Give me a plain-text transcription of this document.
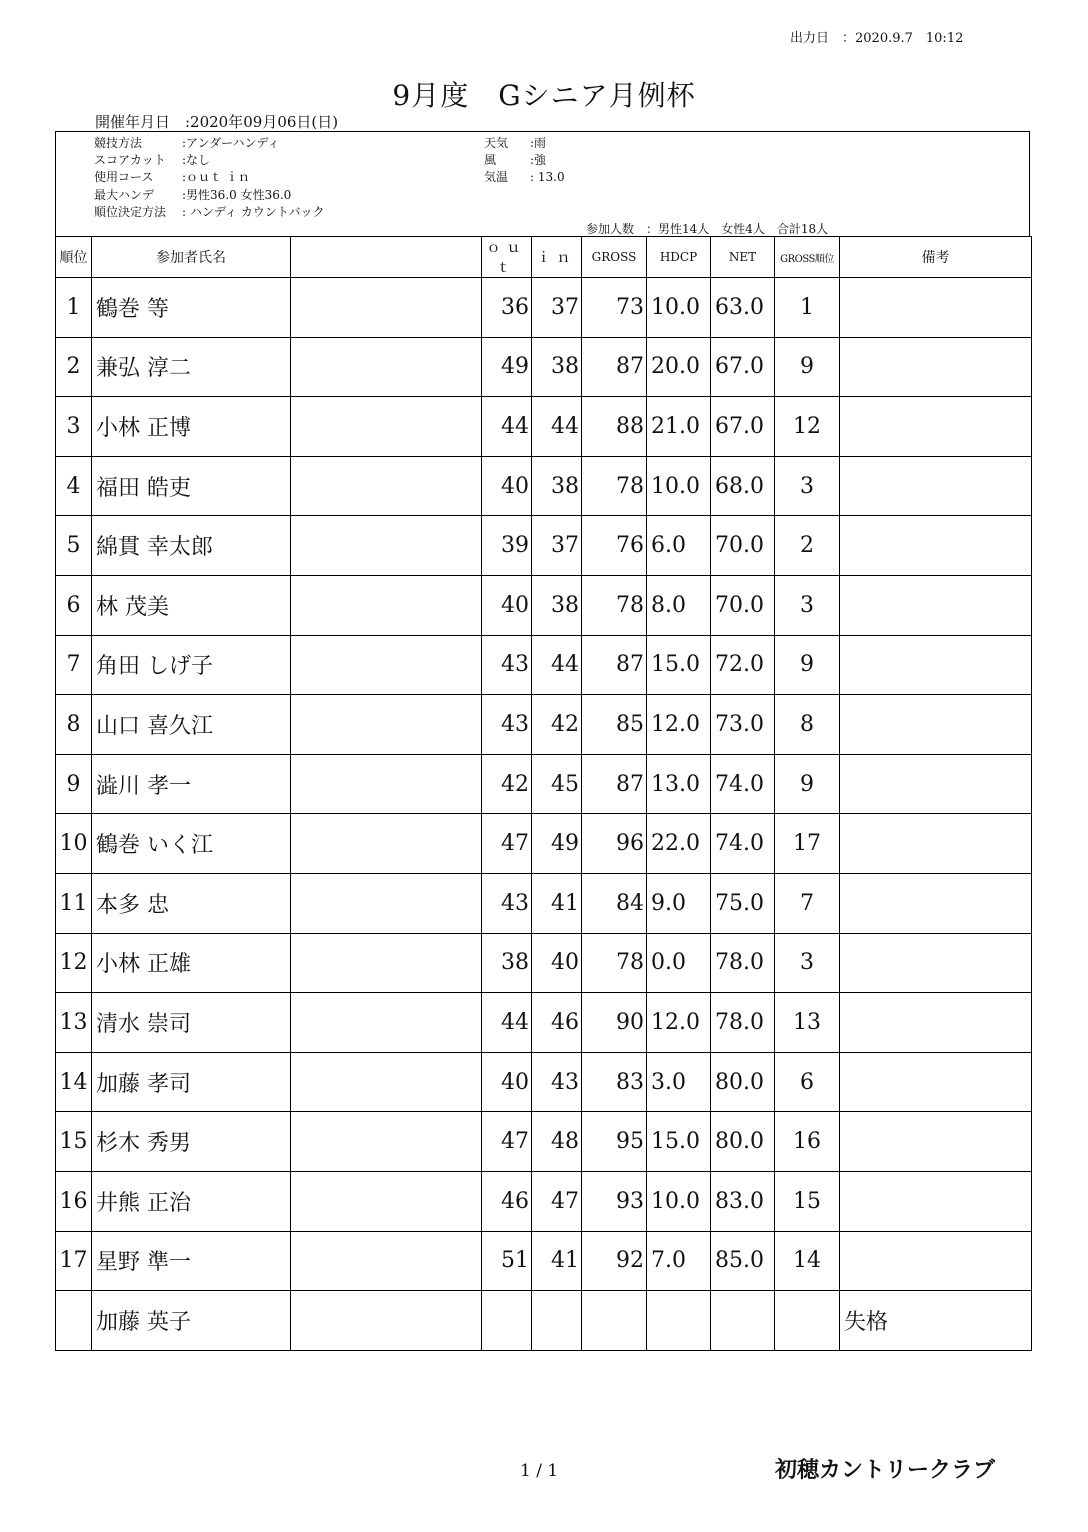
出力日　：2020.9.7　10:12
9月度　Gシニア月例杯
開催年月日　:2020年09月06日(日)
競技方法	:アンダーハンディ
スコアカット :なし
使用コース :ｏｕｔ ｉｎ
最大ハンデ :男性36.0 女性36.0
順位決定方法 : ハンディ カウントバック
天気 :雨
風	:強
気温 : 13.0
参加人数　：男性14人　女性4人　合計18人
順位	参加者氏名		ｏｕｔ	ｉｎ	GROSS	HDCP	NET	GROSS順位	備考
1	鶴巻 等		36	37	73	10.0	63.0	1	
2	兼弘 淳二		49	38	87	20.0	67.0	9	
3	小林 正博		44	44	88	21.0	67.0	12	
4	福田 皓吏		40	38	78	10.0	68.0	3	
5	綿貫 幸太郎		39	37	76	6.0	70.0	2	
6	林 茂美		40	38	78	8.0	70.0	3	
7	角田 しげ子		43	44	87	15.0	72.0	9	
8	山口 喜久江		43	42	85	12.0	73.0	8	
9	澁川 孝一		42	45	87	13.0	74.0	9	
10	鶴巻 いく江		47	49	96	22.0	74.0	17	
11	本多 忠		43	41	84	9.0	75.0	7	
12	小林 正雄		38	40	78	0.0	78.0	3	
13	清水 崇司		44	46	90	12.0	78.0	13	
14	加藤 孝司		40	43	83	3.0	80.0	6	
15	杉木 秀男		47	48	95	15.0	80.0	16	
16	井熊 正治		46	47	93	10.0	83.0	15	
17	星野 準一		51	41	92	7.0	85.0	14	
	加藤 英子								失格
1 / 1	初穂カントリークラブ
